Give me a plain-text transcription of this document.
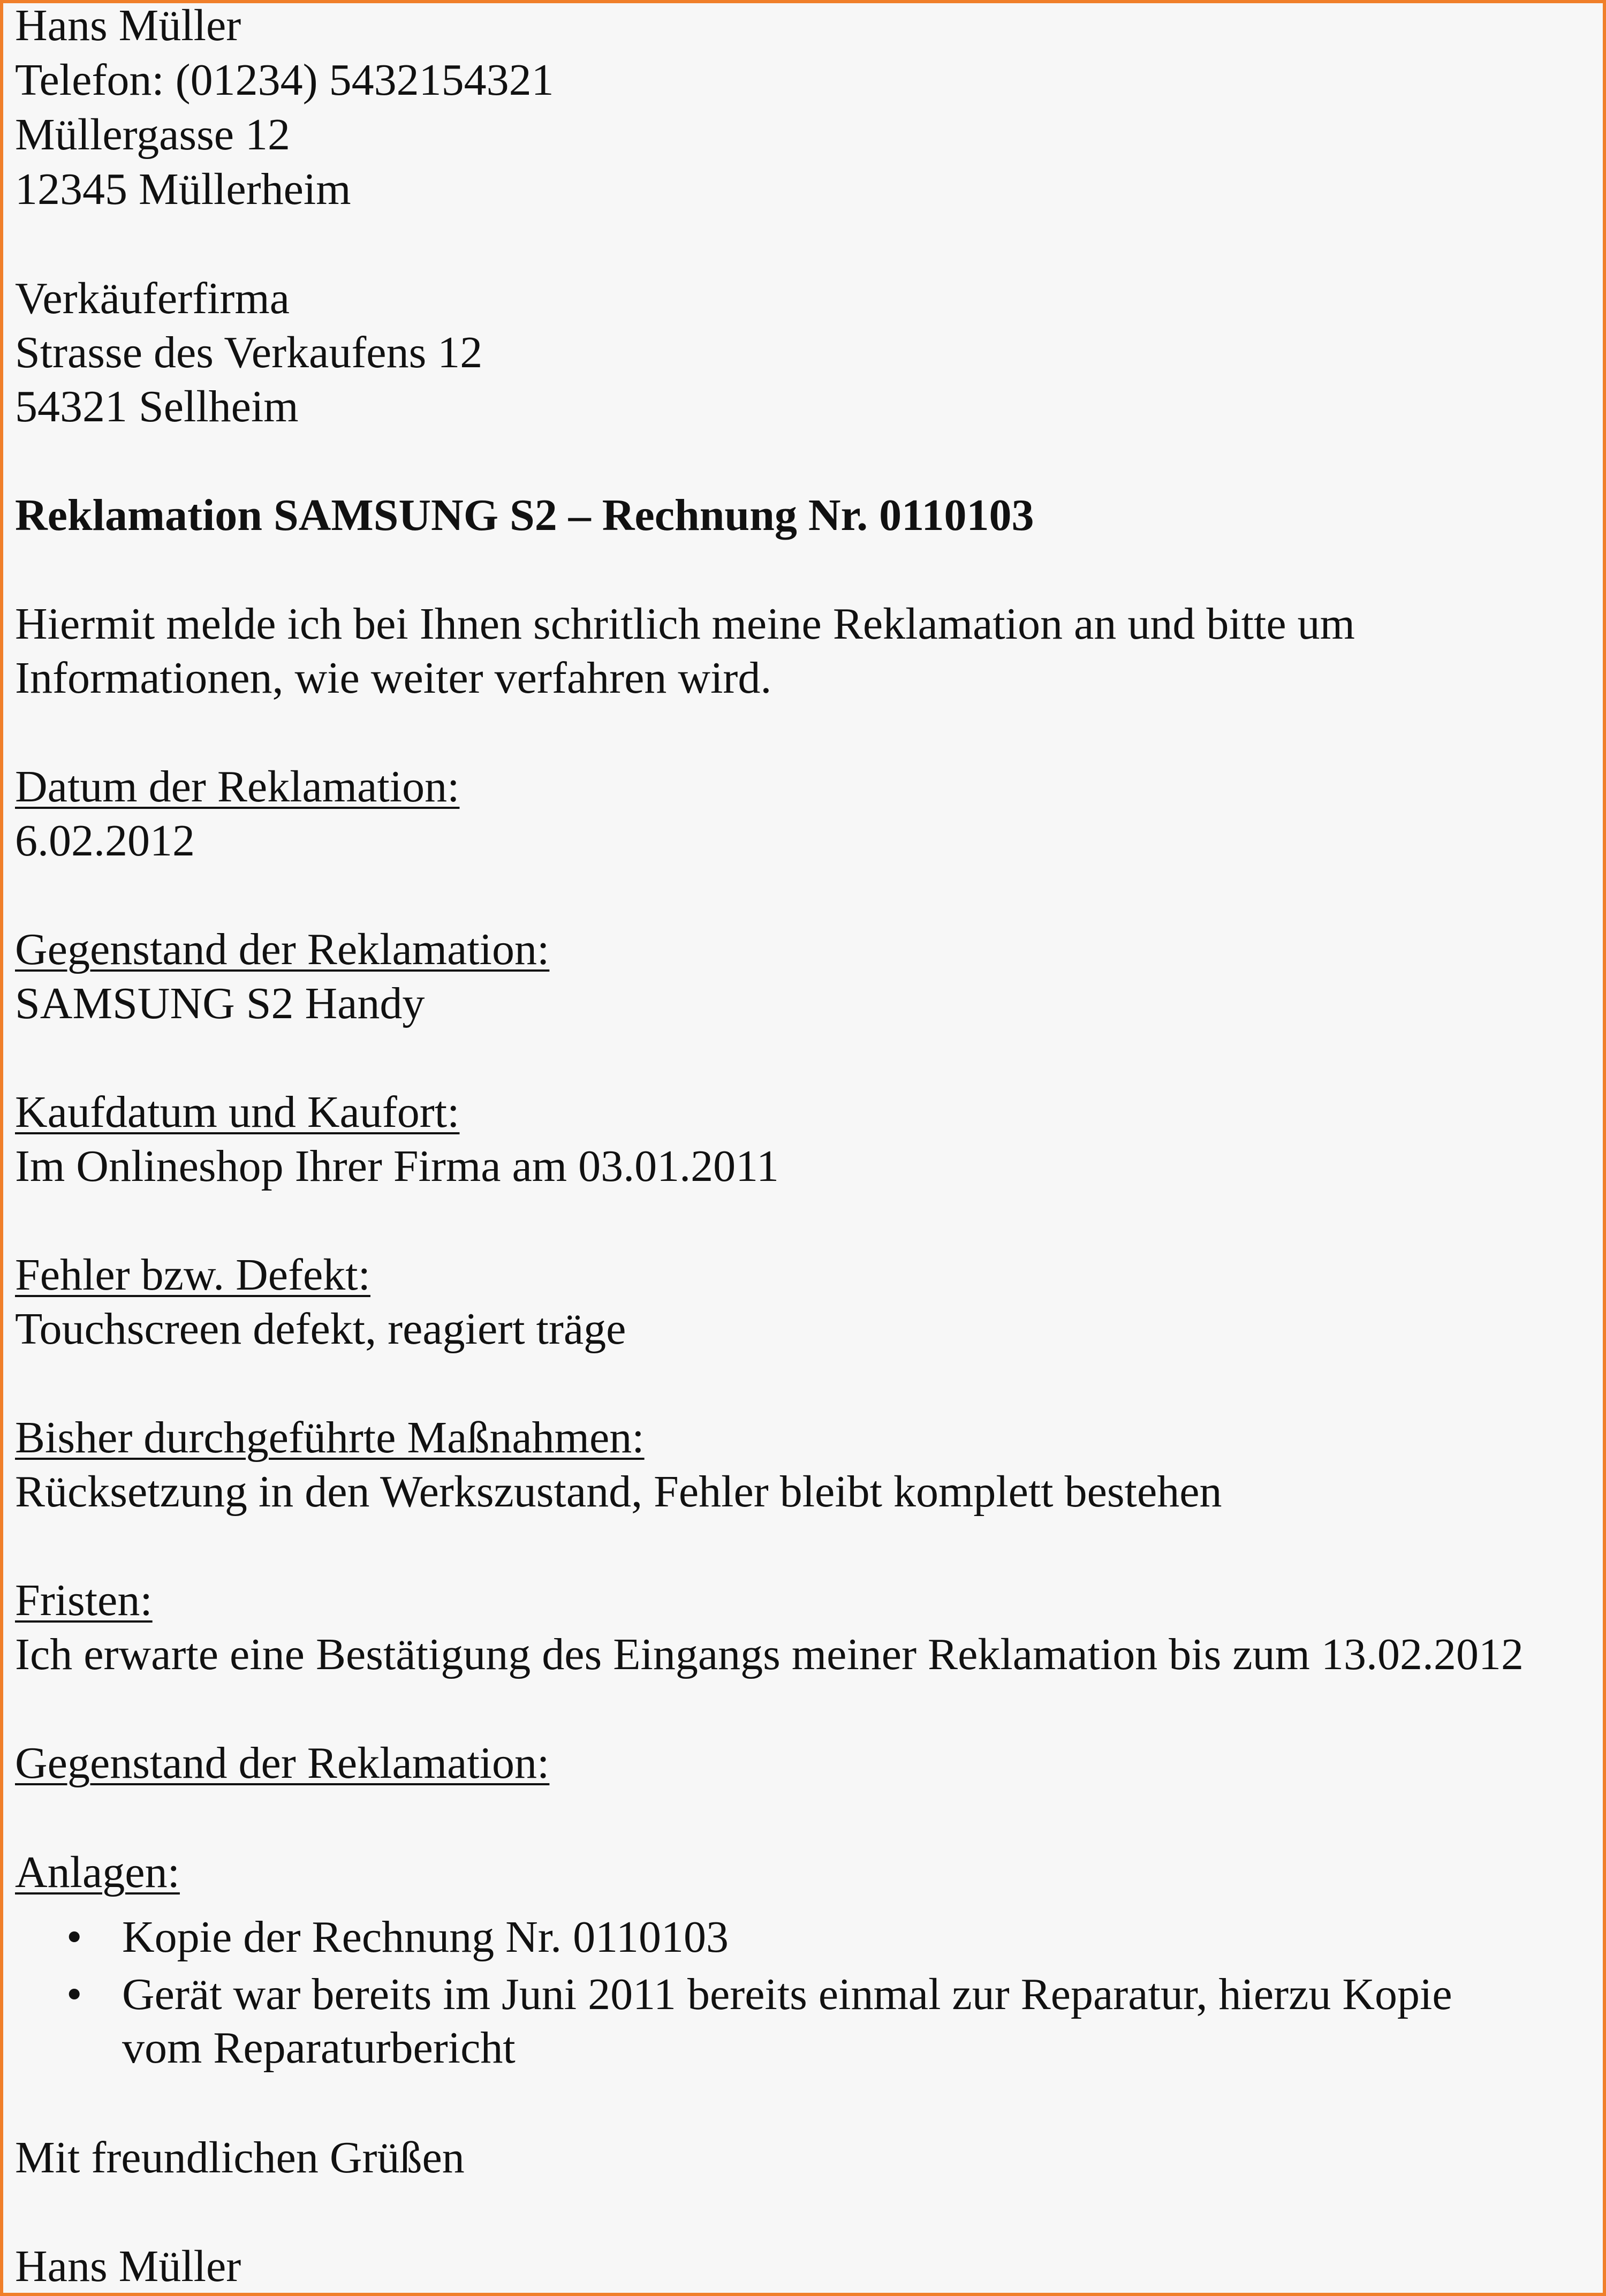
Hans Müller
Telefon: (01234) 5432154321
Müllergasse 12
12345 Müllerheim
Verkäuferfirma
Strasse des Verkaufens 12
54321 Sellheim
Reklamation SAMSUNG S2 – Rechnung Nr. 0110103
Hiermit melde ich bei Ihnen schritlich meine Reklamation an und bitte um
Informationen, wie weiter verfahren wird.
Datum der Reklamation:
6.02.2012
Gegenstand der Reklamation:
SAMSUNG S2 Handy
Kaufdatum und Kaufort:
Im Onlineshop Ihrer Firma am 03.01.2011
Fehler bzw. Defekt:
Touchscreen defekt, reagiert träge
Bisher durchgeführte Maßnahmen:
Rücksetzung in den Werkszustand, Fehler bleibt komplett bestehen
Fristen:
Ich erwarte eine Bestätigung des Eingangs meiner Reklamation bis zum 13.02.2012
Gegenstand der Reklamation:
Anlagen:
• Kopie der Rechnung Nr. 0110103
• Gerät war bereits im Juni 2011 bereits einmal zur Reparatur, hierzu Kopie
vom Reparaturbericht
Mit freundlichen Grüßen
Hans Müller
